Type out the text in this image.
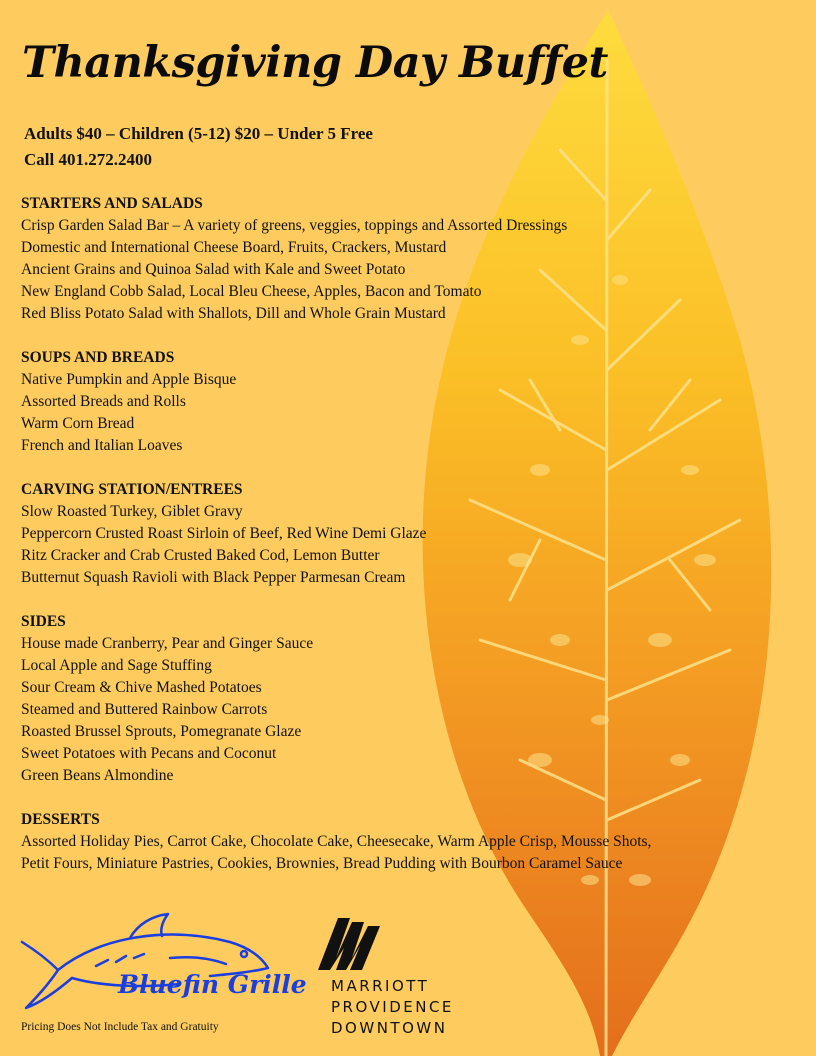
Thanksgiving Day Buffet
Adults $40 – Children (5-12) $20 – Under 5 Free
Call 401.272.2400
STARTERS AND SALADS
Crisp Garden Salad Bar – A variety of greens, veggies, toppings and Assorted Dressings
Domestic and International Cheese Board, Fruits, Crackers, Mustard
Ancient Grains and Quinoa Salad with Kale and Sweet Potato
New England Cobb Salad, Local Bleu Cheese, Apples, Bacon and Tomato
Red Bliss Potato Salad with Shallots, Dill and Whole Grain Mustard
SOUPS AND BREADS
Native Pumpkin and Apple Bisque
Assorted Breads and Rolls
Warm Corn Bread
French and Italian Loaves
CARVING STATION/ENTREES
Slow Roasted Turkey, Giblet Gravy
Peppercorn Crusted Roast Sirloin of Beef, Red Wine Demi Glaze
Ritz Cracker and Crab Crusted Baked Cod, Lemon Butter
Butternut Squash Ravioli with Black Pepper Parmesan Cream
SIDES
House made Cranberry, Pear and Ginger Sauce
Local Apple and Sage Stuffing
Sour Cream & Chive Mashed Potatoes
Steamed and Buttered Rainbow Carrots
Roasted Brussel Sprouts, Pomegranate Glaze
Sweet Potatoes with Pecans and Coconut
Green Beans Almondine
DESSERTS
Assorted Holiday Pies, Carrot Cake, Chocolate Cake, Cheesecake, Warm Apple Crisp, Mousse Shots,
Petit Fours, Miniature Pastries, Cookies, Brownies, Bread Pudding with Bourbon Caramel Sauce
Bluefin Grille
Pricing Does Not Include Tax and Gratuity
MARRIOTT
PROVIDENCE
DOWNTOWN
